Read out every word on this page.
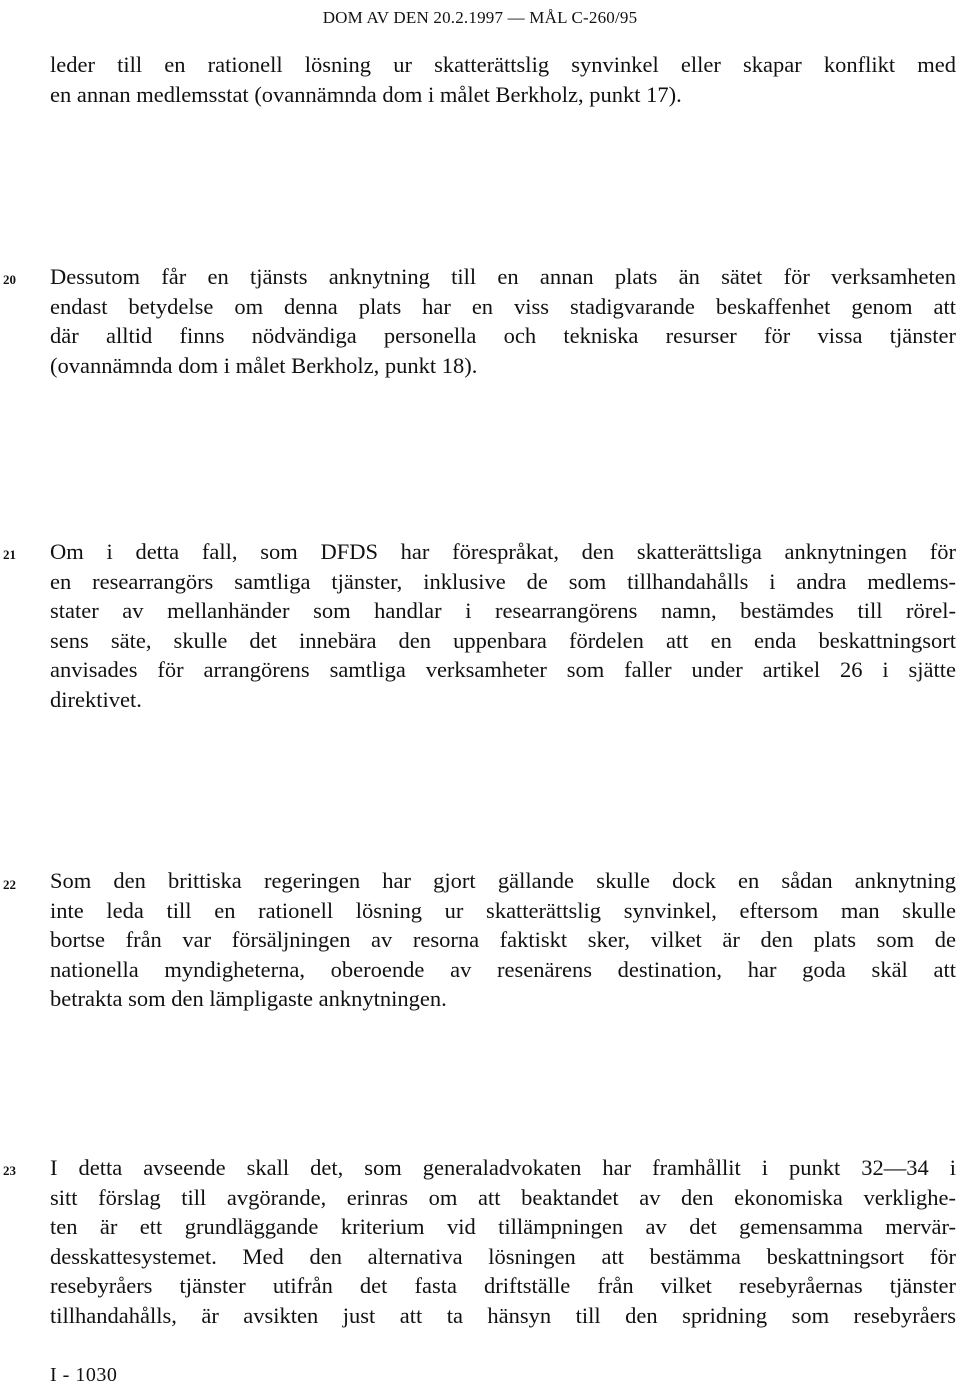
DOM AV DEN 20.2.1997 — MÅL C-260/95
leder till en rationell lösning ur skatterättslig synvinkel eller skapar konflikt med
en annan medlemsstat (ovannämnda dom i målet Berkholz, punkt 17).
20 Dessutom får en tjänsts anknytning till en annan plats än sätet för verksamheten
endast betydelse om denna plats har en viss stadigvarande beskaffenhet genom att
där alltid finns nödvändiga personella och tekniska resurser för vissa tjänster
(ovannämnda dom i målet Berkholz, punkt 18).
21 Om i detta fall, som DFDS har förespråkat, den skatterättsliga anknytningen för
en researrangörs samtliga tjänster, inklusive de som tillhandahålls i andra medlems-
stater av mellanhänder som handlar i researrangörens namn, bestämdes till rörel-
sens säte, skulle det innebära den uppenbara fördelen att en enda beskattningsort
anvisades för arrangörens samtliga verksamheter som faller under artikel 26 i sjätte
direktivet.
22 Som den brittiska regeringen har gjort gällande skulle dock en sådan anknytning
inte leda till en rationell lösning ur skatterättslig synvinkel, eftersom man skulle
bortse från var försäljningen av resorna faktiskt sker, vilket är den plats som de
nationella myndigheterna, oberoende av resenärens destination, har goda skäl att
betrakta som den lämpligaste anknytningen.
23 I detta avseende skall det, som generaladvokaten har framhållit i punkt 32—34 i
sitt förslag till avgörande, erinras om att beaktandet av den ekonomiska verklighe-
ten är ett grundläggande kriterium vid tillämpningen av det gemensamma mervär-
desskattesystemet. Med den alternativa lösningen att bestämma beskattningsort för
resebyråers tjänster utifrån det fasta driftställe från vilket resebyråernas tjänster
tillhandahålls, är avsikten just att ta hänsyn till den spridning som resebyråers
I - 1030
